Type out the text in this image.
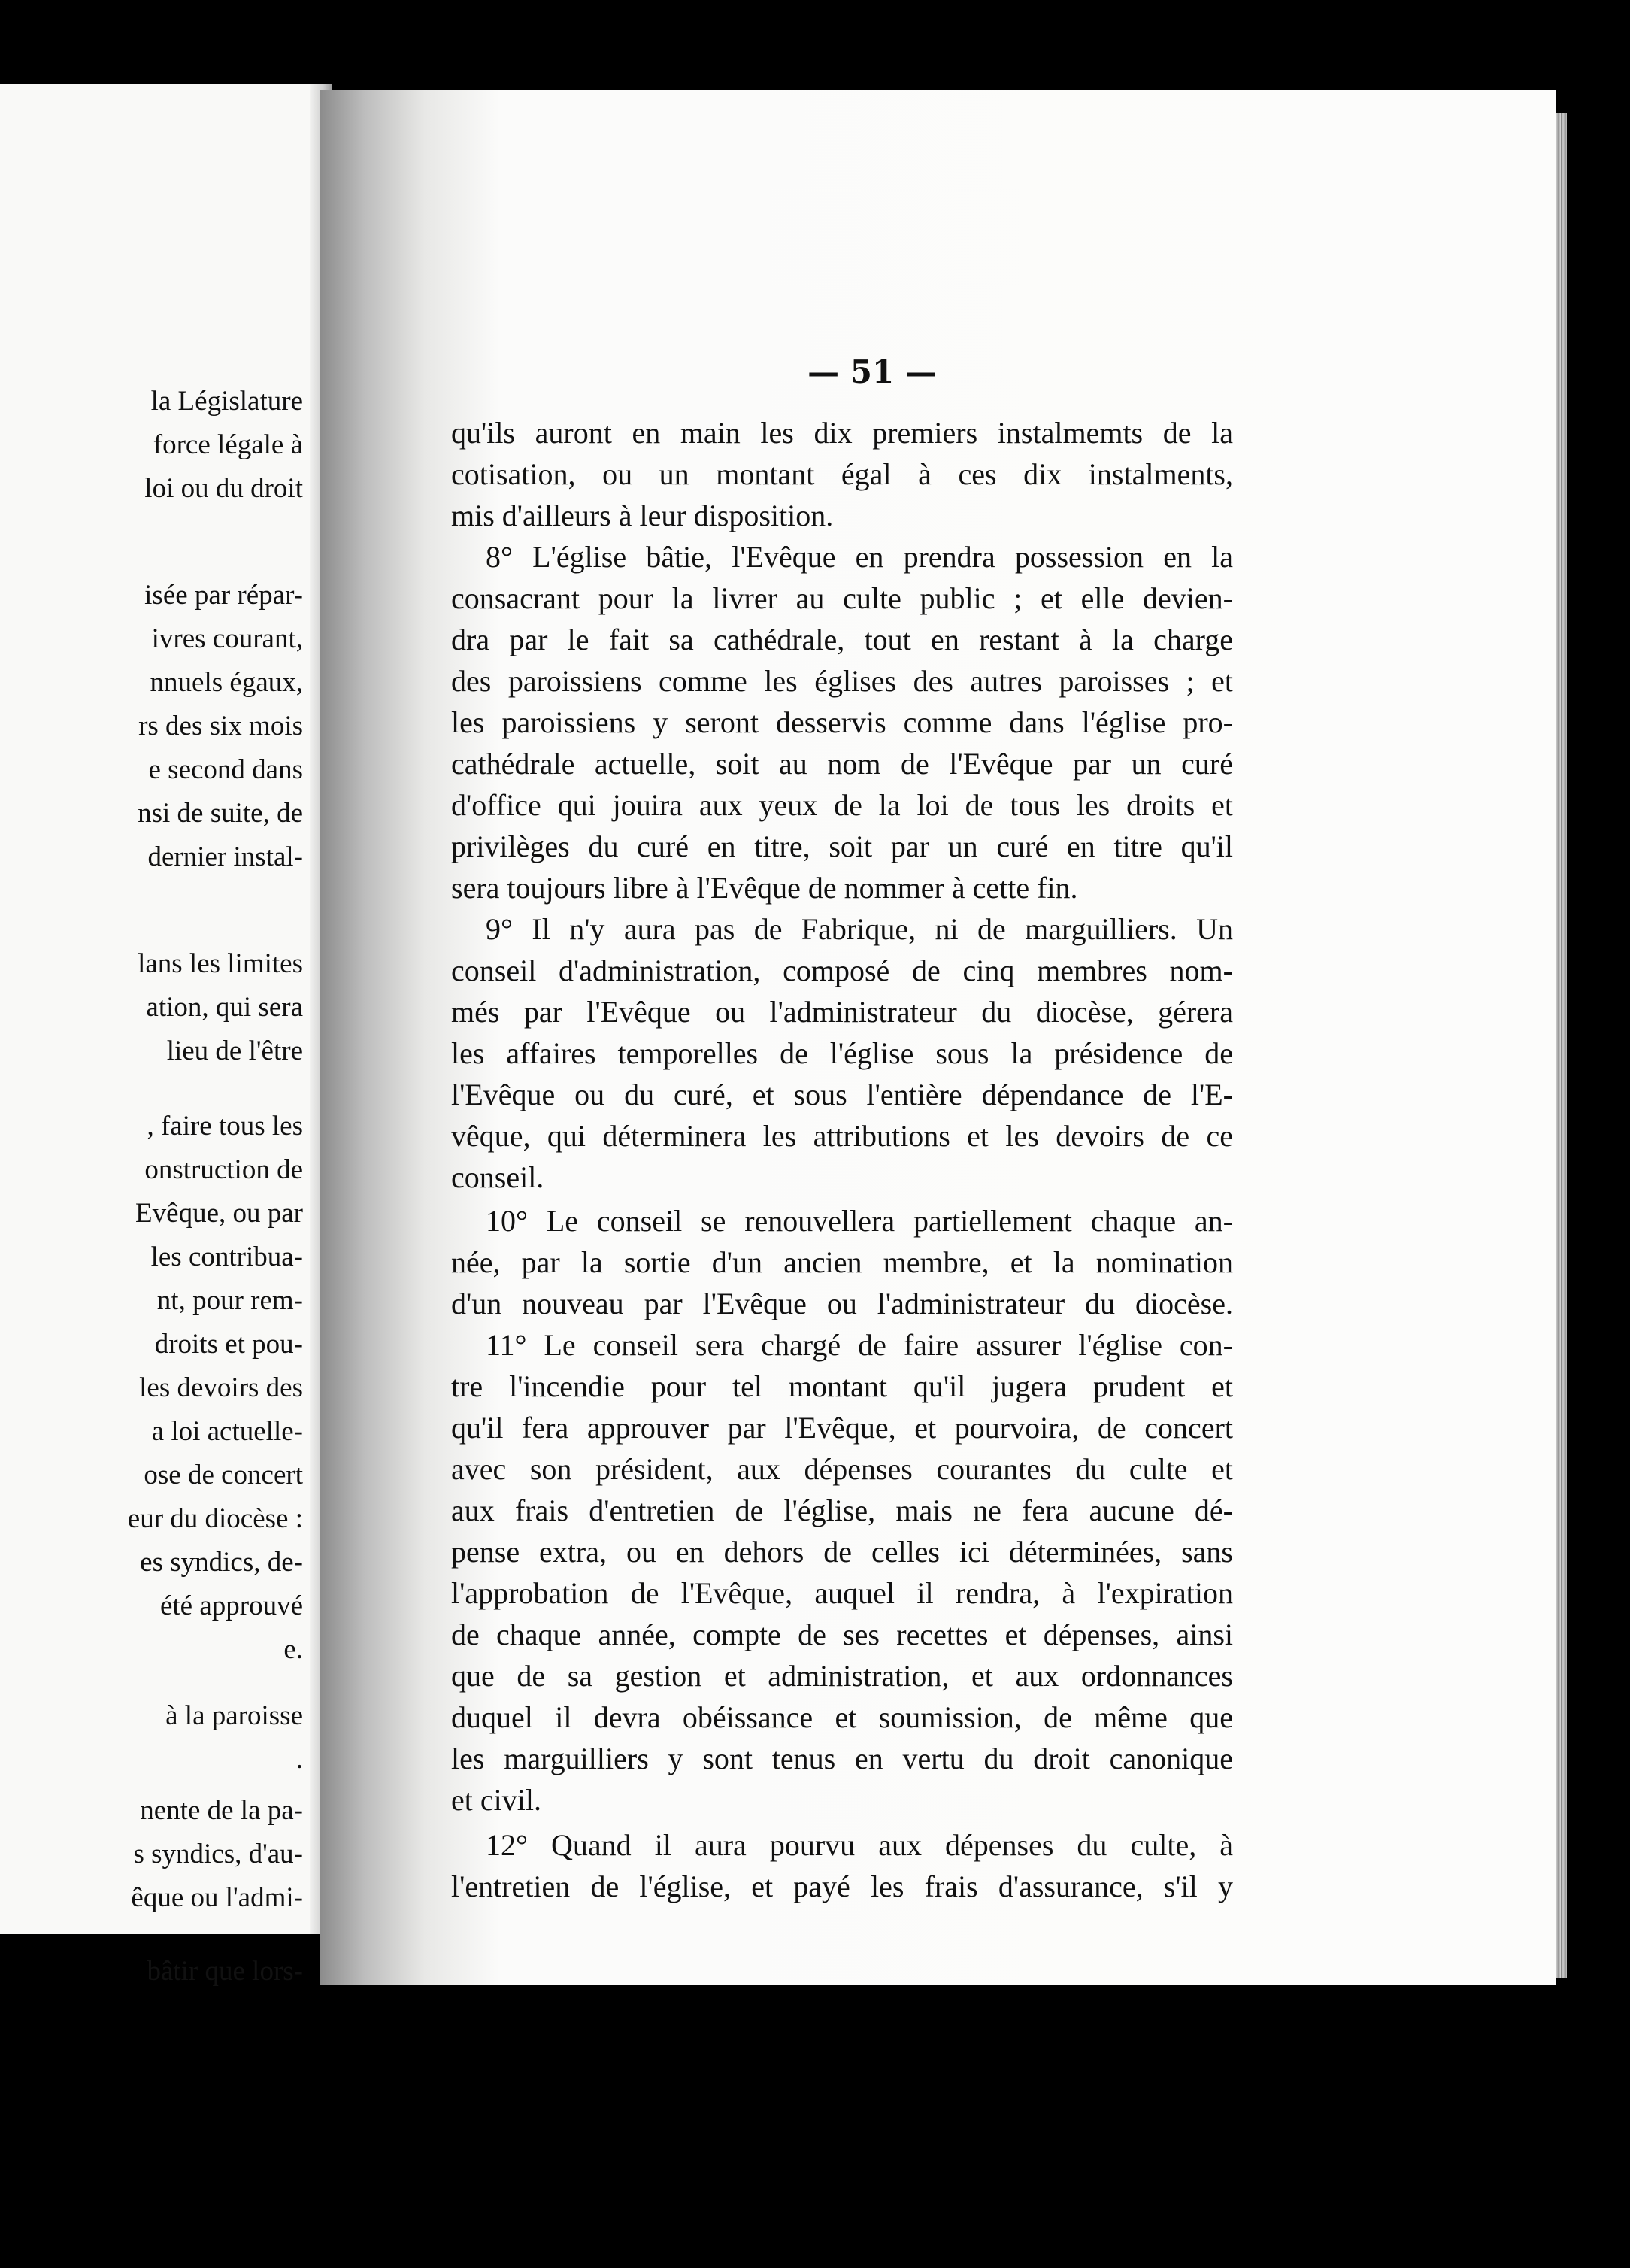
la Législature
force légale à
loi ou du droit
isée par répar-
ivres courant,
nnuels égaux,
rs des six mois
e second dans
nsi de suite, de
dernier instal-
lans les limites
ation, qui sera
lieu de l'être
, faire tous les
onstruction de
Evêque, ou par
les contribua-
nt, pour rem-
droits et pou-
les devoirs des
a loi actuelle-
ose de concert
eur du diocèse :
es syndics, de-
été approuvé
e.
à la paroisse
.
nente de la pa-
s syndics, d'au-
êque ou l'admi-
bâtir que lors-
— 51 —
qu'ils auront en main les dix premiers instalmemts de la
cotisation, ou un montant égal à ces dix instalments,
mis d'ailleurs à leur disposition.
8° L'église bâtie, l'Evêque en prendra possession en la
consacrant pour la livrer au culte public ; et elle devien-
dra par le fait sa cathédrale, tout en restant à la charge
des paroissiens comme les églises des autres paroisses ; et
les paroissiens y seront desservis comme dans l'église pro-
cathédrale actuelle, soit au nom de l'Evêque par un curé
d'office qui jouira aux yeux de la loi de tous les droits et
privilèges du curé en titre, soit par un curé en titre qu'il
sera toujours libre à l'Evêque de nommer à cette fin.
9° Il n'y aura pas de Fabrique, ni de marguilliers. Un
conseil d'administration, composé de cinq membres nom-
més par l'Evêque ou l'administrateur du diocèse, gérera
les affaires temporelles de l'église sous la présidence de
l'Evêque ou du curé, et sous l'entière dépendance de l'E-
vêque, qui déterminera les attributions et les devoirs de ce
conseil.
10° Le conseil se renouvellera partiellement chaque an-
née, par la sortie d'un ancien membre, et la nomination
d'un nouveau par l'Evêque ou l'administrateur du diocèse.
11° Le conseil sera chargé de faire assurer l'église con-
tre l'incendie pour tel montant qu'il jugera prudent et
qu'il fera approuver par l'Evêque, et pourvoira, de concert
avec son président, aux dépenses courantes du culte et
aux frais d'entretien de l'église, mais ne fera aucune dé-
pense extra, ou en dehors de celles ici déterminées, sans
l'approbation de l'Evêque, auquel il rendra, à l'expiration
de chaque année, compte de ses recettes et dépenses, ainsi
que de sa gestion et administration, et aux ordonnances
duquel il devra obéissance et soumission, de même que
les marguilliers y sont tenus en vertu du droit canonique
et civil.
12° Quand il aura pourvu aux dépenses du culte, à
l'entretien de l'église, et payé les frais d'assurance, s'il y
